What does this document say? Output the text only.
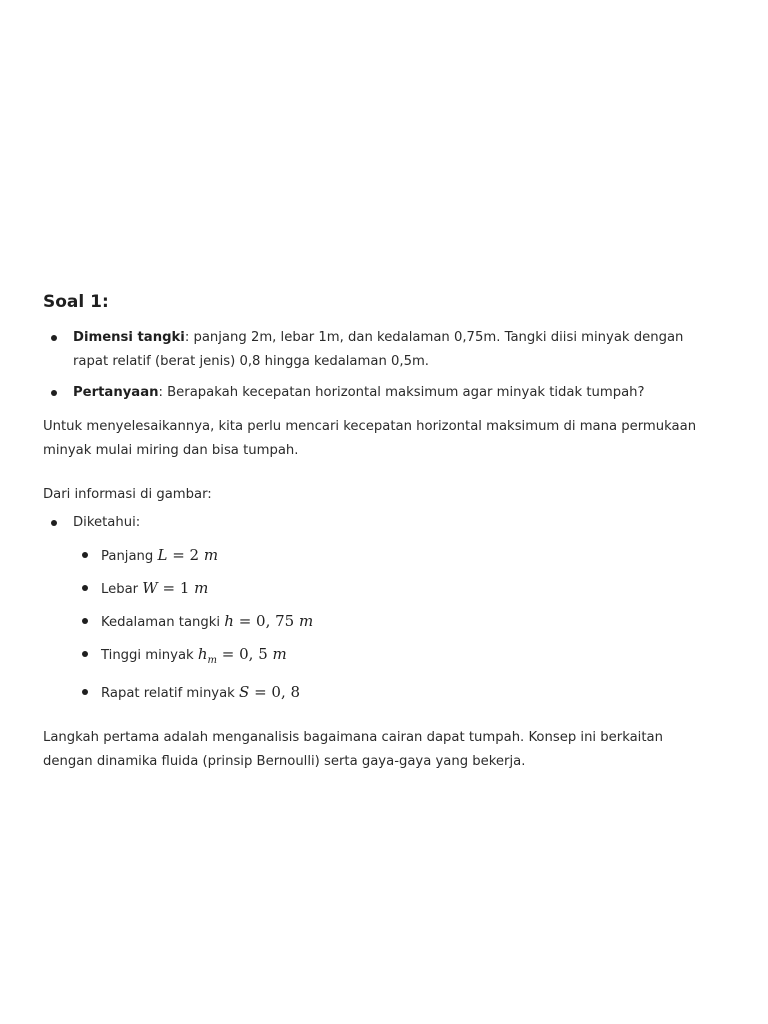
Soal 1:
Dimensi tangki: panjang 2m, lebar 1m, dan kedalaman 0,75m. Tangki diisi minyak dengan rapat relatif (berat jenis) 0,8 hingga kedalaman 0,5m.
Pertanyaan: Berapakah kecepatan horizontal maksimum agar minyak tidak tumpah?

Untuk menyelesaikannya, kita perlu mencari kecepatan horizontal maksimum di mana permukaan minyak mulai miring dan bisa tumpah.

Dari informasi di gambar:

Diketahui:
Panjang L = 2 m
Lebar W = 1 m
Kedalaman tangki h = 0, 75 m
Tinggi minyak $h_m = 0$, 5 m
Rapat relatif minyak S = 0, 8

Langkah pertama adalah menganalisis bagaimana cairan dapat tumpah. Konsep ini berkaitan dengan dinamika fluida (prinsip Bernoulli) serta gaya-gaya yang bekerja.
